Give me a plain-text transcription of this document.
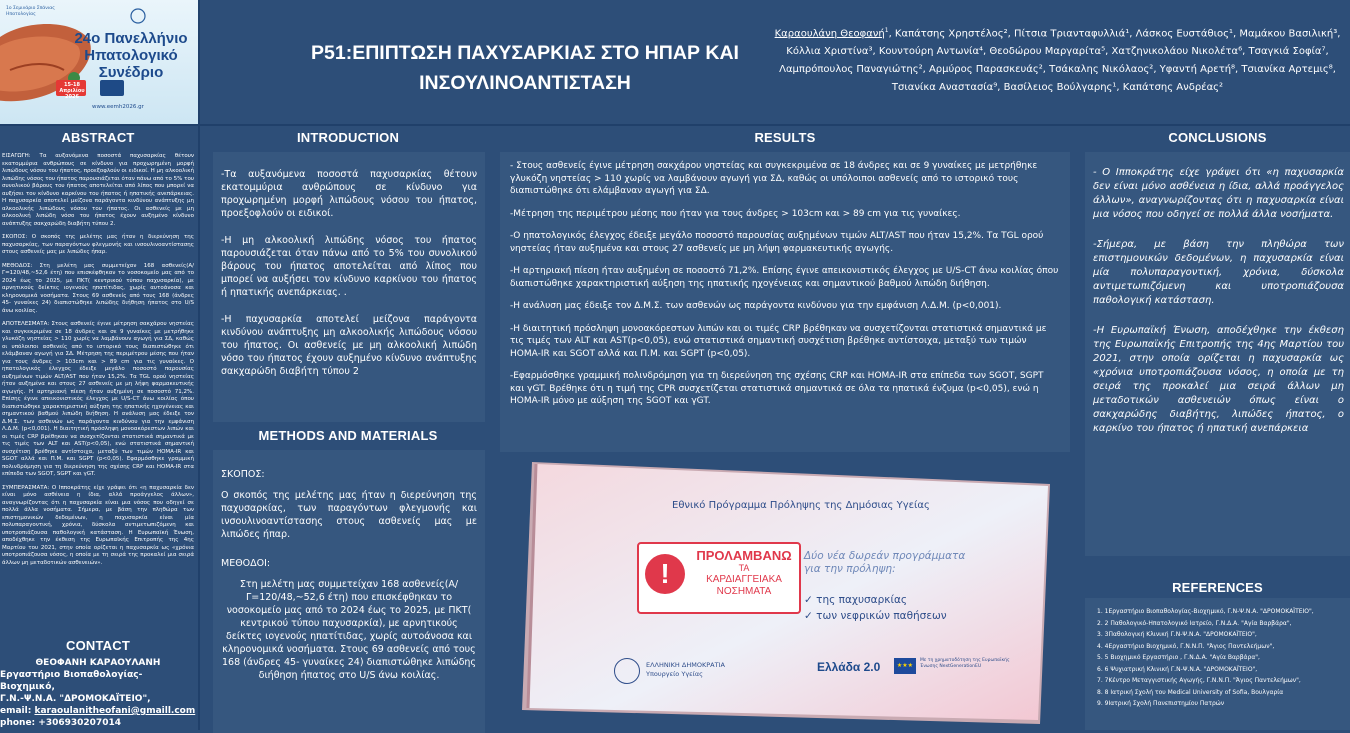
1ο Σεμινάριο Σπάνιας Ηπατολογίας
24ο Πανελλήνιο
Ηπατολογικό
Συνέδριο
15-18 Απριλίου 2026
www.eemh2026.gr
P51:ΕΠΙΠΤΩΣΗ ΠΑΧΥΣΑΡΚΙΑΣ ΣΤΟ ΗΠΑΡ ΚΑΙ ΙΝΣΟΥΛΙΝΟΑΝΤΙΣΤΑΣΗ
Καραουλάνη Θεοφανή$^1$, Καπάτσης Χρηστέλος², Πίτσια Τριανταφυλλιά¹, Λάσκος Ευστάθιος¹, Μαμάκου Βασιλική³, Κόλλια Χριστίνα³, Κουντούρη Αντωνία⁴, Θεοδώρου Μαργαρίτα⁵, Χατζηνικολάου Νικολέτα⁶, Τσαγκιά Σοφία⁷, Λαμπρόπουλος Παναγιώτης², Αρμύρος Παρασκευάς², Τσάκαλης Νικόλαος², Υφαντή Αρετή⁸, Τσιανίκα Αρτεμις⁸, Τσιανίκα Αναστασία⁹, Βασίλειος Βούλγαρης¹, Καπάτσης Ανδρέας²
ABSTRACT

ΕΙΣΑΓΩΓΗ: Τα αυξανόμενα ποσοστά παχυσαρκίας θέτουν εκατομμύρια ανθρώπους σε κίνδυνο για προχωρημένη μορφή λιπώδους νόσου του ήπατος, προεξοφλούν οι ειδικοί. Η μη αλκοολική λιπώδης νόσος του ήπατος παρουσιάζεται όταν πάνω από το 5% του συνολικού βάρους του ήπατος αποτελείται από λίπος που μπορεί να αυξήσει τον κίνδυνο καρκίνου του ήπατος ή ηπατικής ανεπάρκειας. Η παχυσαρκία αποτελεί μείζονα παράγοντα κινδύνου ανάπτυξης μη αλκοολικής λιπώδους νόσου του ήπατος. Οι ασθενείς με μη αλκοολική λιπώδη νόσο του ήπατος έχουν αυξημένο κίνδυνο ανάπτυξης σακχαρώδη διαβήτη τύπου 2.

ΣΚΟΠΟΣ: Ο σκοπός της μελέτης μας ήταν η διερεύνηση της παχυσαρκίας, των παραγόντων φλεγμονής και ινσουλινοαντίστασης στους ασθενείς μας με λιπώδες ήπαρ.

ΜΕΘΟΔΟΣ: Στη μελέτη μας συμμετείχαν 168 ασθενείς(Α/Γ=120/48,~52,6 έτη) που επισκέφθηκαν το νοσοκομείο μας από το 2024 έως το 2025, με ΠΚΤ( κεντρικού τύπου παχυσαρκία), με αρνητικούς δείκτες ιογενούς ηπατίτιδας, χωρίς αυτοάνοσα και κληρονομικά νοσήματα. Στους 69 ασθενείς από τους 168 (άνδρες 45- γυναίκες 24) διαπιστώθηκε λιπώδης διήθηση ήπατος στο U/S άνω κοιλίας.

ΑΠΟΤΕΛΕΣΜΑΤΑ: Στους ασθενείς έγινε μέτρηση σακχάρου νηστείας και συγκεκριμένα σε 18 άνδρες και σε 9 γυναίκες με μετρήθηκε γλυκόζη νηστείας > 110 χωρίς να λαμβάνουν αγωγή για ΣΔ, καθώς οι υπόλοιποι ασθενείς από το ιστορικό τους διαπιστώθηκε ότι ελάμβαναν αγωγή για ΣΔ. Μέτρηση της περιμέτρου μέσης που ήταν για τους άνδρες > 103cm και > 89 cm για τις γυναίκες. Ο ηπατολογικός έλεγχος έδειξε μεγάλο ποσοστό παρουσίας αυξημένων τιμών ALT/AST που ήταν 15,2%. Τα TGL ορού νηστείας ήταν αυξημένα και στους 27 ασθενείς με μη λήψη φαρμακευτικής αγωγής. Η αρτηριακή πίεση ήταν αυξημένη σε ποσοστό 71,2%. Επίσης έγινε απεικονιστικός έλεγχος με U/S-CT άνω κοιλίας όπου διαπιστώθηκε χαρακτηριστική αύξηση της ηπατικής ηχογένειας και σημαντικού βαθμού λιπώδη διήθηση. Η ανάλυση μας έδειξε τον Δ.Μ.Σ. των ασθενών ως παράγοντα κινδύνου για την εμφάνιση Λ.Δ.Μ. (p<0,001). Η διαιτητική πρόσληψη μονοακόρεστων λιπών και οι τιμές CRP βρέθηκαν να συσχετίζονται στατιστικά σημαντικά με τις τιμές των ALT και AST(p<0,05), ενώ στατιστικά σημαντική συσχέτιση βρέθηκε αντίστοιχα, μεταξύ των τιμών HOMA-IR και SGOT αλλά και Π.Μ. και SGPT (p<0,05). Εφαρμόσθηκε γραμμική πολινδρόμηση για τη διερεύνηση της σχέσης CRP και HOMA-IR στα επίπεδα των SGOT, SGPT και γGT.

ΣΥΜΠΕΡΑΣΜΑΤΑ: Ο Ιπποκράτης είχε γράψει ότι «η παχυσαρκία δεν είναι μόνο ασθένεια η ίδια, αλλά προάγγελος άλλων», αναγνωρίζοντας ότι η παχυσαρκία είναι μια νόσος που οδηγεί σε πολλά άλλα νοσήματα. Σήμερα, με βάση την πληθώρα των επιστημονικών δεδομένων, η παχυσαρκία είναι μία πολυπαραγοντική, χρόνια, δύσκολα αντιμετωπιζόμενη και υποτροπιάζουσα παθολογική κατάσταση. Η Ευρωπαϊκή Ένωση, αποδέχθηκε την έκθεση της Ευρωπαϊκής Επιτροπής της 4ης Μαρτίου του 2021, στην οποία ορίζεται η παχυσαρκία ως «χρόνια υποτροπιάζουσα νόσος, η οποία με τη σειρά της προκαλεί μια σειρά άλλων μη μεταδοτικών ασθενειών».

CONTACT
ΘΕΟΦΑΝΗ ΚΑΡΑΟΥΛΑΝΗ
Εργαστήριο Βιοπαθολογίας-Βιοχημικό,
Γ.Ν.-Ψ.Ν.Α. "ΔΡΟΜΟΚΑΪΤΕΙΟ",
email: karaoulanitheofani@gmaill.com
phone: +306930207014
INTRODUCTION

-Τα αυξανόμενα ποσοστά παχυσαρκίας θέτουν εκατομμύρια ανθρώπους σε κίνδυνο για προχωρημένη μορφή λιπώδους νόσου του ήπατος, προεξοφλούν οι ειδικοί.

-Η μη αλκοολική λιπώδης νόσος του ήπατος παρουσιάζεται όταν πάνω από το 5% του συνολικού βάρους του ήπατος αποτελείται από λίπος που μπορεί να αυξήσει τον κίνδυνο καρκίνου του ήπατος ή ηπατικής ανεπάρκειας. .

-Η παχυσαρκία αποτελεί μείζονα παράγοντα κινδύνου ανάπτυξης μη αλκοολικής λιπώδους νόσου του ήπατος. Οι ασθενείς με μη αλκοολική λιπώδη νόσο του ήπατος έχουν αυξημένο κίνδυνο ανάπτυξης σακχαρώδη διαβήτη τύπου 2

METHODS AND MATERIALS

ΣΚΟΠΟΣ:

Ο σκοπός της μελέτης μας ήταν η διερεύνηση της παχυσαρκίας, των παραγόντων φλεγμονής και ινσουλινοαντίστασης στους ασθενείς μας με λιπώδες ήπαρ.

ΜΕΘΟΔΟΙ:

Στη μελέτη μας συμμετείχαν 168 ασθενείς(Α/Γ=120/48,~52,6 έτη) που επισκέφθηκαν το νοσοκομείο μας από το 2024 έως το 2025, με ΠΚΤ( κεντρικού τύπου παχυσαρκία), με αρνητικούς δείκτες ιογενούς ηπατίτιδας, χωρίς αυτοάνοσα και κληρονομικά νοσήματα. Στους 69 ασθενείς από τους 168 (άνδρες 45- γυναίκες 24) διαπιστώθηκε λιπώδης διήθηση ήπατος στο U/S άνω κοιλίας.

RESULTS

- Στους ασθενείς έγινε μέτρηση σακχάρου νηστείας και συγκεκριμένα σε 18 άνδρες και σε 9 γυναίκες με μετρήθηκε γλυκόζη νηστείας > 110 χωρίς να λαμβάνουν αγωγή για ΣΔ, καθώς οι υπόλοιποι ασθενείς από το ιστορικό τους διαπιστώθηκε ότι ελάμβαναν αγωγή για ΣΔ.

-Μέτρηση της περιμέτρου μέσης που ήταν για τους άνδρες > 103cm και > 89 cm για τις γυναίκες.

-Ο ηπατολογικός έλεγχος έδειξε μεγάλο ποσοστό παρουσίας αυξημένων τιμών ALT/AST που ήταν 15,2%. Τα TGL ορού νηστείας ήταν αυξημένα και στους 27 ασθενείς με μη λήψη φαρμακευτικής αγωγής.

-Η αρτηριακή πίεση ήταν αυξημένη σε ποσοστό 71,2%. Επίσης έγινε απεικονιστικός έλεγχος με U/S-CT άνω κοιλίας όπου διαπιστώθηκε χαρακτηριστική αύξηση της ηπατικής ηχογένειας και σημαντικού βαθμού λιπώδη διήθηση.

-Η ανάλυση μας έδειξε τον Δ.Μ.Σ. των ασθενών ως παράγοντα κινδύνου για την εμφάνιση Λ.Δ.Μ. (p<0,001).

-Η διαιτητική πρόσληψη μονοακόρεστων λιπών και οι τιμές CRP βρέθηκαν να συσχετίζονται στατιστικά σημαντικά με τις τιμές των ALT και AST(p<0,05), ενώ στατιστικά σημαντική συσχέτιση βρέθηκε αντίστοιχα, μεταξύ των τιμών HOMA-IR και SGOT αλλά και Π.Μ. και SGPT (p<0,05).

-Εφαρμόσθηκε γραμμική πολινδρόμηση για τη διερεύνηση της σχέσης CRP και HOMA-IR στα επίπεδα των SGOT, SGPT και γGT. Βρέθηκε ότι η τιμή της CPR συσχετίζεται στατιστικά σημαντικά σε όλα τα ηπατικά ένζυμα (p<0,05), ενώ η HOMA-IR μόνο με αύξηση της SGOT και γGT.

Εθνικό Πρόγραμμα Πρόληψης της Δημόσιας Υγείας
!
ΠΡΟΛΑΜΒΑΝΩ
ΤΑ
ΚΑΡΔΙΑΓΓΕΙΑΚΑ
ΝΟΣΗΜΑΤΑ
Δύο νέα δωρεάν προγράμματα
για την πρόληψη:
✓ της παχυσαρκίας
✓ των νεφρικών παθήσεων
ΕΛΛΗΝΙΚΗ ΔΗΜΟΚΡΑΤΙΑ
Υπουργείο Υγείας	Ελλάδα 2.0	★★★
Με τη χρηματοδότηση της Ευρωπαϊκής Ένωσης NextGenerationEU
CONCLUSIONS

- Ο Ιπποκράτης είχε γράψει ότι «η παχυσαρκία δεν είναι μόνο ασθένεια η ίδια, αλλά προάγγελος άλλων», αναγνωρίζοντας ότι η παχυσαρκία είναι μια νόσος που οδηγεί σε πολλά άλλα νοσήματα.

-Σήμερα, με βάση την πληθώρα των επιστημονικών δεδομένων, η παχυσαρκία είναι μία πολυπαραγοντική, χρόνια, δύσκολα αντιμετωπιζόμενη και υποτροπιάζουσα παθολογική κατάσταση.

-Η Ευρωπαϊκή Ένωση, αποδέχθηκε την έκθεση της Ευρωπαϊκής Επιτροπής της 4ης Μαρτίου του 2021, στην οποία ορίζεται η παχυσαρκία ως «χρόνια υποτροπιάζουσα νόσος, η οποία με τη σειρά της προκαλεί μια σειρά άλλων μη μεταδοτικών ασθενειών όπως είναι ο σακχαρώδης διαβήτης, λιπώδες ήπατος, ο καρκίνο του ήπατος ή ηπατική ανεπάρκεια

REFERENCES
1. 1Εργαστήριο Βιοπαθολογίας-Βιοχημικό, Γ.Ν-Ψ.Ν.Α. "ΔΡΟΜΟΚΑΪΤΕΙΟ",
2. 2 Παθολογικό-Ηπατολογικό Ιατρείο, Γ.Ν.Δ.Α. "Αγία Βαρβάρα",
3. 3Παθολογική Κλινική Γ.Ν-Ψ.Ν.Α. "ΔΡΟΜΟΚΑΪΤΕΙΟ",
4. 4Εργαστήριο Βιοχημικό, Γ.Ν.Ν.Π. "Άγιος Παντελεήμων",
5. 5 Βιοχημικό Εργαστήριο , Γ.Ν.Δ.Α. "Αγία Βαρβάρα",
6. 6 Ψυχιατρική Κλινική Γ.Ν-Ψ.Ν.Α. "ΔΡΟΜΟΚΑΪΤΕΙΟ",
7. 7Κέντρο Μεταγγιστικής Αγωγής, Γ.Ν.Ν.Π. "Άγιος Παντελεήμων",
8. 8 Ιατρική Σχολή του Medical University of Sofia, Βουλγαρία
9. 9Ιατρική Σχολή Πανεπιστημίου Πατρών
